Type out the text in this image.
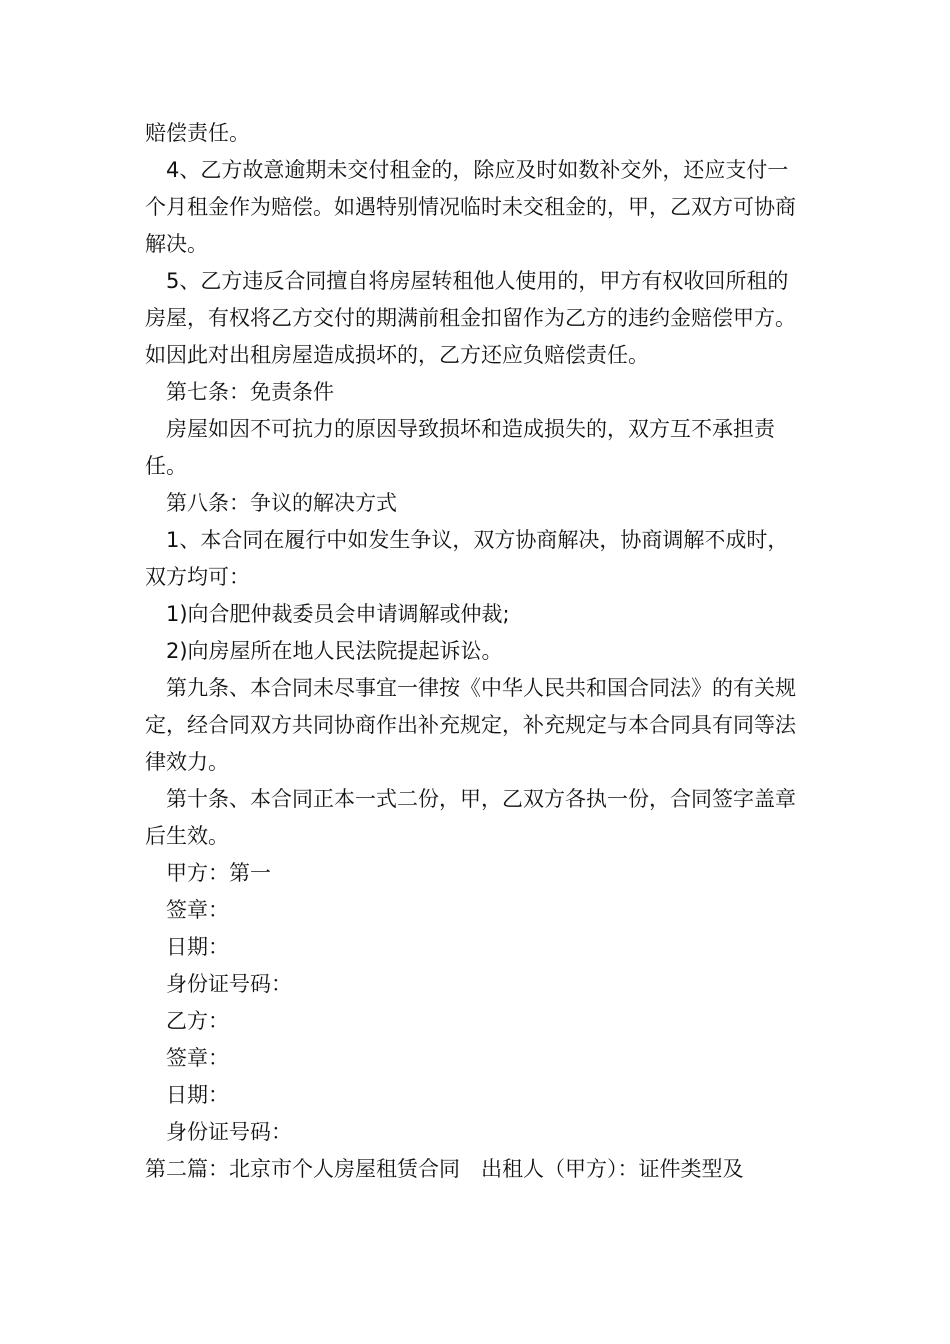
赔偿责任。

4、乙方故意逾期未交付租金的，除应及时如数补交外，还应支付一个月租金作为赔偿。如遇特别情况临时未交租金的，甲，乙双方可协商解决。

5、乙方违反合同擅自将房屋转租他人使用的，甲方有权收回所租的房屋，有权将乙方交付的期满前租金扣留作为乙方的违约金赔偿甲方。如因此对出租房屋造成损坏的，乙方还应负赔偿责任。

第七条：免责条件

房屋如因不可抗力的原因导致损坏和造成损失的，双方互不承担责任。

第八条：争议的解决方式

1、本合同在履行中如发生争议，双方协商解决，协商调解不成时，双方均可：

1)向合肥仲裁委员会申请调解或仲裁;

2)向房屋所在地人民法院提起诉讼。

第九条、本合同未尽事宜一律按《中华人民共和国合同法》的有关规定，经合同双方共同协商作出补充规定，补充规定与本合同具有同等法律效力。

第十条、本合同正本一式二份，甲，乙双方各执一份，合同签字盖章后生效。

甲方：第一

签章：

日期：

身份证号码：

乙方：

签章：

日期：

身份证号码：

第二篇：北京市个人房屋租赁合同　出租人（甲方）：证件类型及
